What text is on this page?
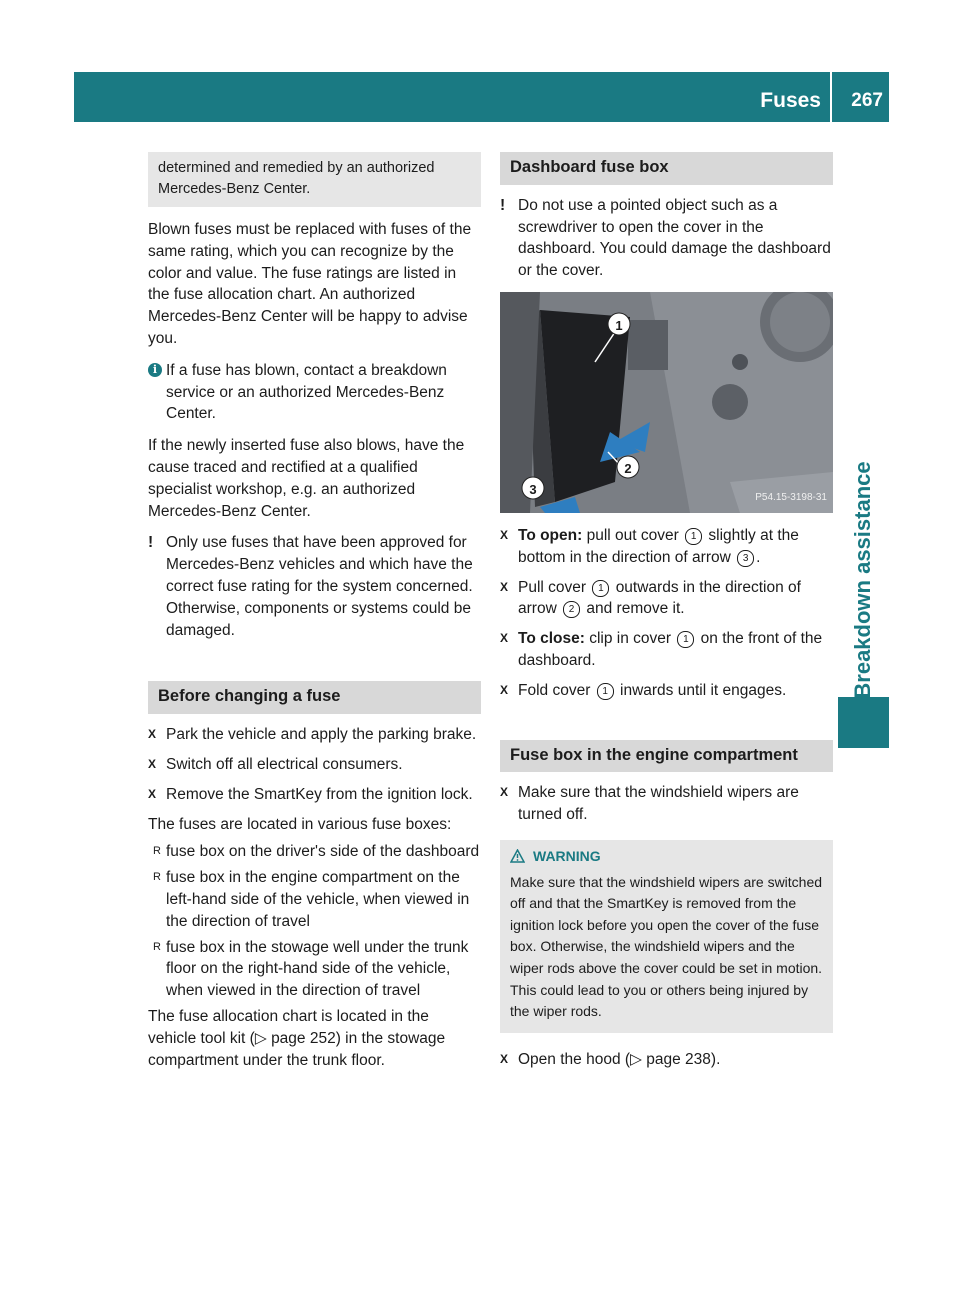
Fuses 267
Breakdown assistance
determined and remedied by an authorized Mercedes-Benz Center.

Blown fuses must be replaced with fuses of the same rating, which you can recognize by the color and value. The fuse ratings are listed in the fuse allocation chart. An authorized Mercedes-Benz Center will be happy to advise you.

i If a fuse has blown, contact a breakdown service or an authorized Mercedes-Benz Center.

If the newly inserted fuse also blows, have the cause traced and rectified at a qualified specialist workshop, e.g. an authorized Mercedes-Benz Center.

! Only use fuses that have been approved for Mercedes-Benz vehicles and which have the correct fuse rating for the system concerned. Otherwise, components or systems could be damaged.
Before changing a fuse
X Park the vehicle and apply the parking brake.
X Switch off all electrical consumers.
X Remove the SmartKey from the ignition lock.

The fuses are located in various fuse boxes:

R fuse box on the driver's side of the dashboard
R fuse box in the engine compartment on the left-hand side of the vehicle, when viewed in the direction of travel
R fuse box in the stowage well under the trunk floor on the right-hand side of the vehicle, when viewed in the direction of travel

The fuse allocation chart is located in the vehicle tool kit (▷ page 252) in the stowage compartment under the trunk floor.

Dashboard fuse box
! Do not use a pointed object such as a screwdriver to open the cover in the dashboard. You could damage the dashboard or the cover.
1
2
3
P54.15-3198-31
X To open: pull out cover 1 slightly at the bottom in the direction of arrow 3 .
X Pull cover 1 outwards in the direction of arrow 2 and remove it.
X To close: clip in cover 1 on the front of the dashboard.
X Fold cover 1 inwards until it engages.
Fuse box in the engine compartment
X Make sure that the windshield wipers are turned off.
WARNING
Make sure that the windshield wipers are switched off and that the SmartKey is removed from the ignition lock before you open the cover of the fuse box. Otherwise, the windshield wipers and the wiper rods above the cover could be set in motion. This could lead to you or others being injured by the wiper rods.
X Open the hood (▷ page 238).
